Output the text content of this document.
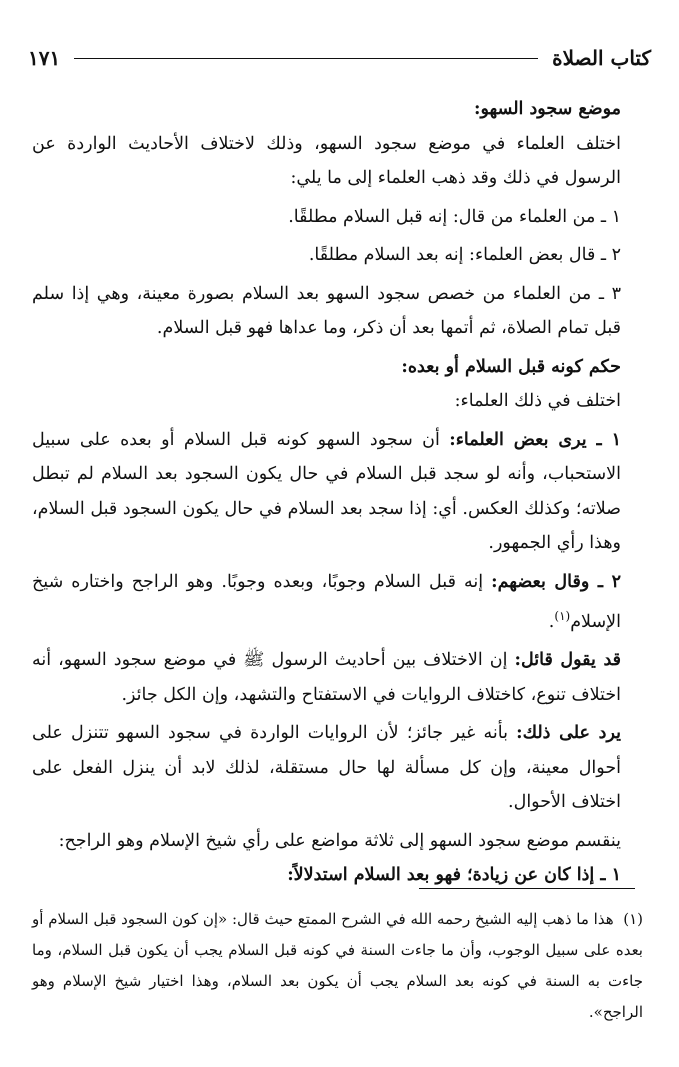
كتاب الصلاة
١٧١

موضع سجود السهو:

اختلف العلماء في موضع سجود السهو، وذلك لاختلاف الأحاديث الواردة عن الرسول في ذلك وقد ذهب العلماء إلى ما يلي:

١ ـ من العلماء من قال: إنه قبل السلام مطلقًا.

٢ ـ قال بعض العلماء: إنه بعد السلام مطلقًا.

٣ ـ من العلماء من خصص سجود السهو بعد السلام بصورة معينة، وهي إذا سلم قبل تمام الصلاة، ثم أتمها بعد أن ذكر، وما عداها فهو قبل السلام.

حكم كونه قبل السلام أو بعده:

اختلف في ذلك العلماء:

١ ـ يرى بعض العلماء: أن سجود السهو كونه قبل السلام أو بعده على سبيل الاستحباب، وأنه لو سجد قبل السلام في حال يكون السجود بعد السلام لم تبطل صلاته؛ وكذلك العكس. أي: إذا سجد بعد السلام في حال يكون السجود قبل السلام، وهذا رأي الجمهور.

٢ ـ وقال بعضهم: إنه قبل السلام وجوبًا، وبعده وجوبًا. وهو الراجح واختاره شيخ الإسلام$^{(١)}$.

قد يقول قائل: إن الاختلاف بين أحاديث الرسول ﷺ في موضع سجود السهو، أنه اختلاف تنوع، كاختلاف الروايات في الاستفتاح والتشهد، وإن الكل جائز.

يرد على ذلك: بأنه غير جائز؛ لأن الروايات الواردة في سجود السهو تتنزل على أحوال معينة، وإن كل مسألة لها حال مستقلة، لذلك لابد أن ينزل الفعل على اختلاف الأحوال.

ينقسم موضع سجود السهو إلى ثلاثة مواضع على رأي شيخ الإسلام وهو الراجح:

١ ـ إذا كان عن زيادة؛ فهو بعد السلام استدلالاً:

(١)  هذا ما ذهب إليه الشيخ رحمه الله في الشرح الممتع حيث قال: «إن كون السجود قبل السلام أو بعده على سبيل الوجوب، وأن ما جاءت السنة في كونه قبل السلام يجب أن يكون قبل السلام، وما جاءت به السنة في كونه بعد السلام يجب أن يكون بعد السلام، وهذا اختيار شيخ الإسلام وهو الراجح».
